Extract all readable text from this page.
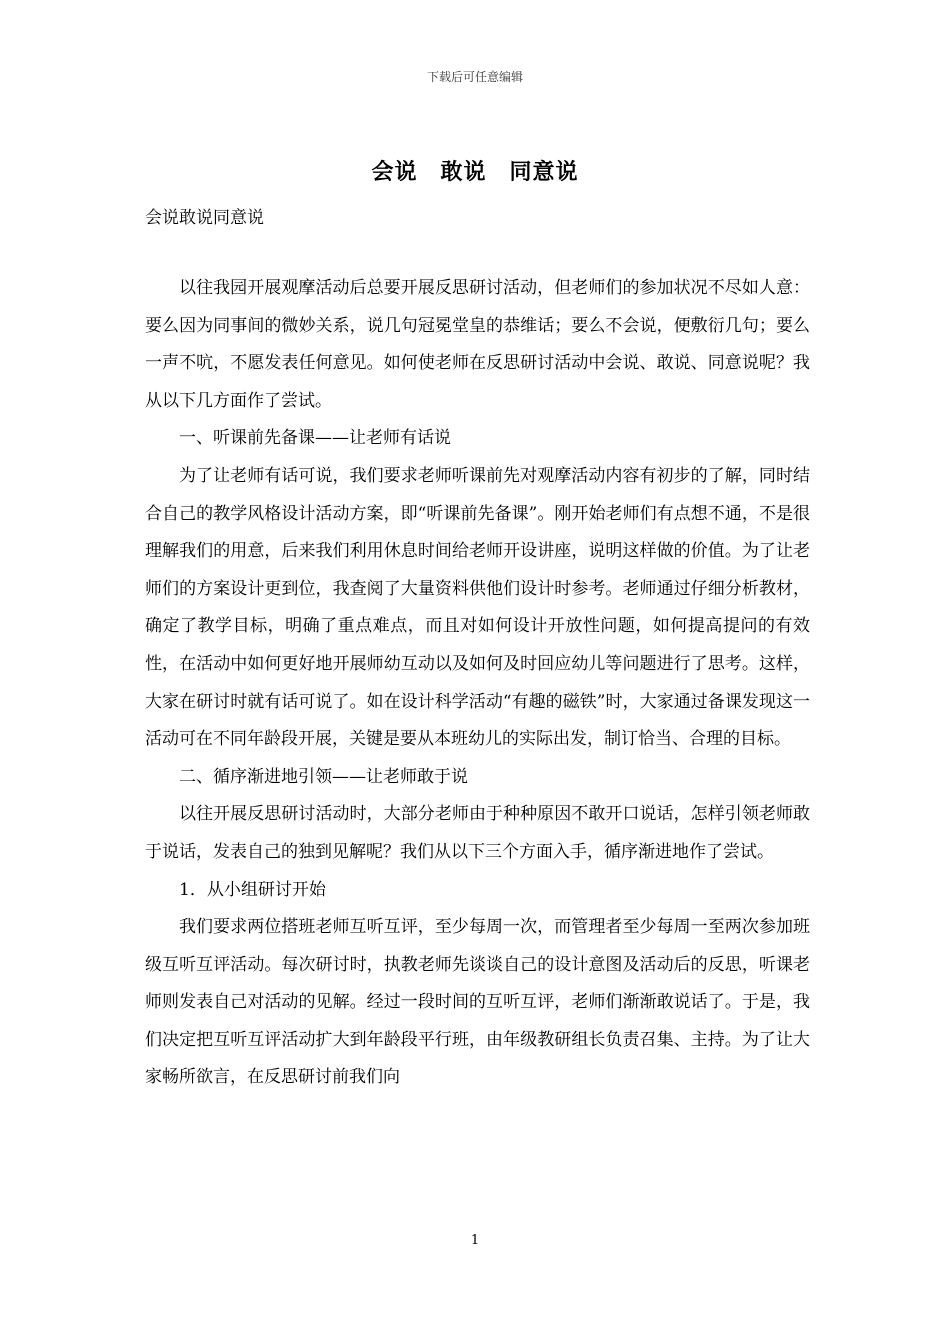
下载后可任意编辑
会说　敢说　同意说
会说敢说同意说

以往我园开展观摩活动后总要开展反思研讨活动，但老师们的参加状况不尽如人意：要么因为同事间的微妙关系，说几句冠冕堂皇的恭维话；要么不会说，便敷衍几句；要么一声不吭，不愿发表任何意见。如何使老师在反思研讨活动中会说、敢说、同意说呢？我从以下几方面作了尝试。

一、听课前先备课——让老师有话说

为了让老师有话可说，我们要求老师听课前先对观摩活动内容有初步的了解，同时结合自己的教学风格设计活动方案，即“听课前先备课”。刚开始老师们有点想不通，不是很理解我们的用意，后来我们利用休息时间给老师开设讲座，说明这样做的价值。为了让老师们的方案设计更到位，我查阅了大量资料供他们设计时参考。老师通过仔细分析教材，确定了教学目标，明确了重点难点，而且对如何设计开放性问题，如何提高提问的有效性，在活动中如何更好地开展师幼互动以及如何及时回应幼儿等问题进行了思考。这样，大家在研讨时就有话可说了。如在设计科学活动“有趣的磁铁”时，大家通过备课发现这一活动可在不同年龄段开展，关键是要从本班幼儿的实际出发，制订恰当、合理的目标。

二、循序渐进地引领——让老师敢于说

以往开展反思研讨活动时，大部分老师由于种种原因不敢开口说话，怎样引领老师敢于说话，发表自己的独到见解呢？我们从以下三个方面入手，循序渐进地作了尝试。

1．从小组研讨开始

我们要求两位搭班老师互听互评，至少每周一次，而管理者至少每周一至两次参加班级互听互评活动。每次研讨时，执教老师先谈谈自己的设计意图及活动后的反思，听课老师则发表自己对活动的见解。经过一段时间的互听互评，老师们渐渐敢说话了。于是，我们决定把互听互评活动扩大到年龄段平行班，由年级教研组长负责召集、主持。为了让大家畅所欲言，在反思研讨前我们向

1
